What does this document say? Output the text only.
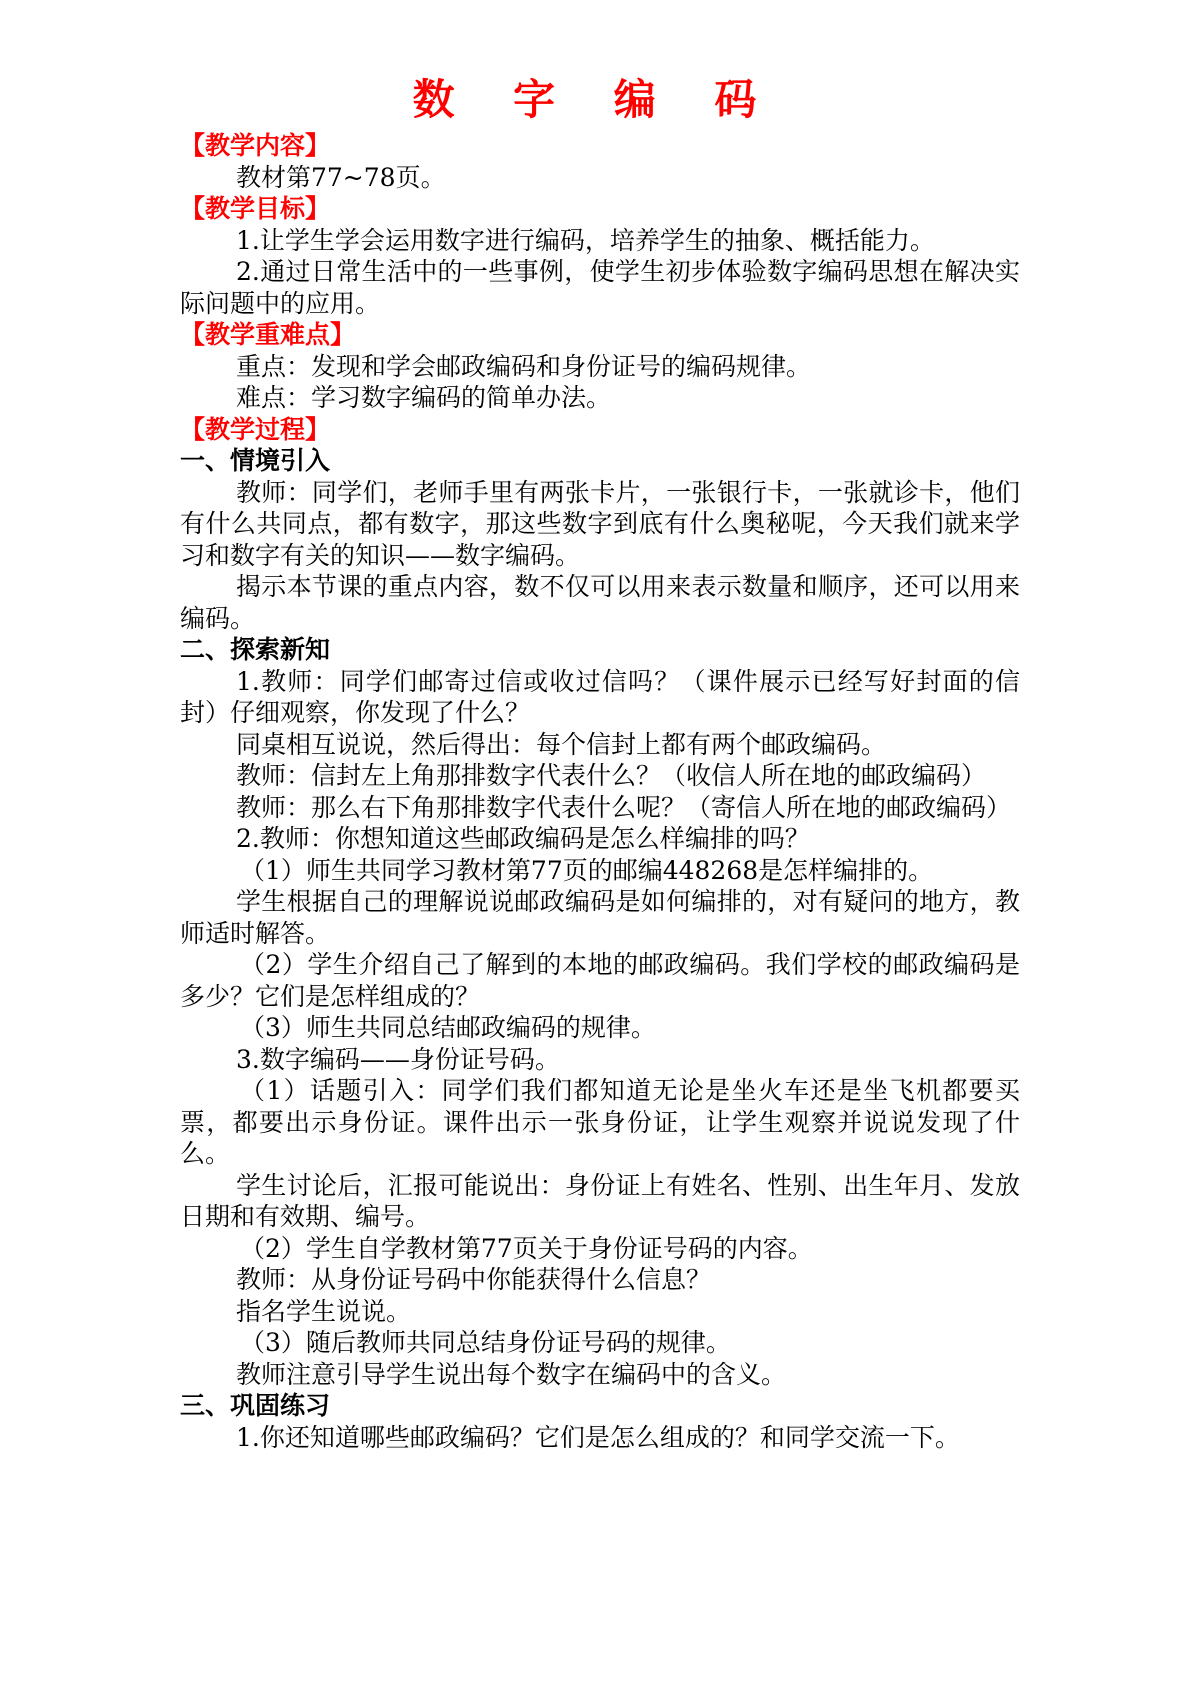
数 字 编 码

【教学内容】

教材第77~78页。

【教学目标】

1.让学生学会运用数字进行编码，培养学生的抽象、概括能力。

2.通过日常生活中的一些事例，使学生初步体验数字编码思想在解决实际问题中的应用。

【教学重难点】

重点：发现和学会邮政编码和身份证号的编码规律。

难点：学习数字编码的简单办法。

【教学过程】

一、情境引入

教师：同学们，老师手里有两张卡片，一张银行卡，一张就诊卡，他们有什么共同点，都有数字，那这些数字到底有什么奥秘呢，今天我们就来学习和数字有关的知识——数字编码。

揭示本节课的重点内容，数不仅可以用来表示数量和顺序，还可以用来编码。

二、探索新知

1.教师：同学们邮寄过信或收过信吗？（课件展示已经写好封面的信封）仔细观察，你发现了什么？

同桌相互说说，然后得出：每个信封上都有两个邮政编码。

教师：信封左上角那排数字代表什么？（收信人所在地的邮政编码）

教师：那么右下角那排数字代表什么呢？（寄信人所在地的邮政编码）

2.教师：你想知道这些邮政编码是怎么样编排的吗？

（1）师生共同学习教材第77页的邮编448268是怎样编排的。

学生根据自己的理解说说邮政编码是如何编排的，对有疑问的地方，教师适时解答。

（2）学生介绍自己了解到的本地的邮政编码。我们学校的邮政编码是多少？它们是怎样组成的？

（3）师生共同总结邮政编码的规律。

3.数字编码——身份证号码。

（1）话题引入：同学们我们都知道无论是坐火车还是坐飞机都要买票，都要出示身份证。课件出示一张身份证，让学生观察并说说发现了什么。

学生讨论后，汇报可能说出：身份证上有姓名、性别、出生年月、发放日期和有效期、编号。

（2）学生自学教材第77页关于身份证号码的内容。

教师：从身份证号码中你能获得什么信息？

指名学生说说。

（3）随后教师共同总结身份证号码的规律。

教师注意引导学生说出每个数字在编码中的含义。

三、巩固练习

1.你还知道哪些邮政编码？它们是怎么组成的？和同学交流一下。
